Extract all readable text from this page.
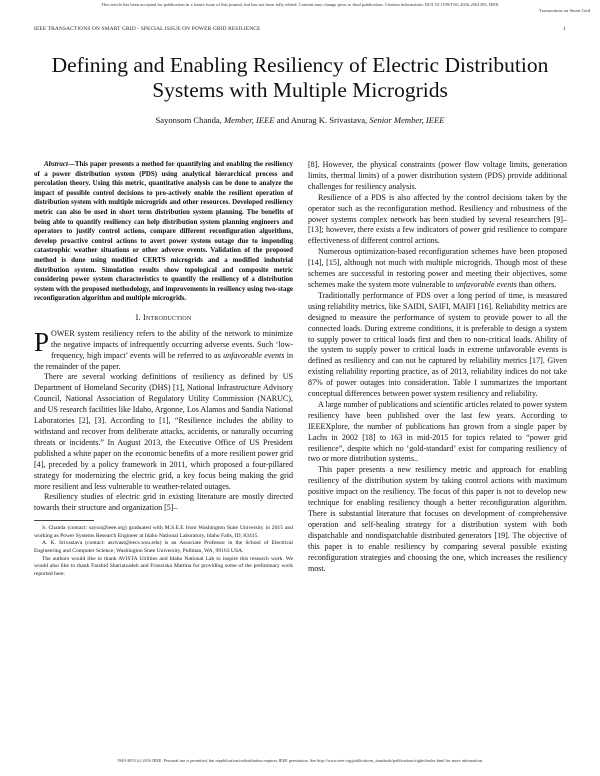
This article has been accepted for publication in a future issue of this journal, but has not been fully edited. Content may change prior to final publication. Citation information: DOI 10.1109/TSG.2016.2561303, IEEE
Transactions on Smart Grid
IEEE TRANSACTIONS ON SMART GRID - SPECIAL ISSUE ON POWER GRID RESILIENCE	1
Defining and Enabling Resiliency of Electric Distribution Systems with Multiple Microgrids
Sayonsom Chanda, Member, IEEE and Anurag K. Srivastava, Senior Member, IEEE

Abstract—This paper presents a method for quantifying and enabling the resiliency of a power distribution system (PDS) using analytical hierarchical process and percolation theory. Using this metric, quantitative analysis can be done to analyze the impact of possible control decisions to pro-actively enable the resilient operation of distribution system with multiple microgrids and other resources. Developed resiliency metric can also be used in short term distribution system planning. The benefits of being able to quantify resiliency can help distribution system planning engineers and operators to justify control actions, compare different reconfiguration algorithms, develop proactive control actions to avert power system outage due to impending catastrophic weather situations or other adverse events. Validation of the proposed method is done using modified CERTS microgrids and a modified industrial distribution system. Simulation results show topological and composite metric considering power system characteristics to quantify the resiliency of a distribution system with the proposed methodology, and improvements in resiliency using two-stage reconfiguration algorithm and multiple microgrids.

I. Introduction

POWER system resiliency refers to the ability of the network to minimize the negative impacts of infrequently occurring adverse events. Such ‘low-frequency, high impact’ events will be referred to as unfavorable events in the remainder of the paper.

There are several working definitions of resiliency as defined by US Department of Homeland Security (DHS) [1], National Infrastructure Advisory Council, National Association of Regulatory Utility Commission (NARUC), and US research facilities like Idaho, Argonne, Los Alamos and Sandia National Laboratories [2], [3]. According to [1], “Resilience includes the ability to withstand and recover from deliberate attacks, accidents, or naturally occurring threats or incidents.” In August 2013, the Executive Office of US President published a white paper on the economic benefits of a more resilient power grid [4], preceded by a policy framework in 2011, which proposed a four-pillared strategy for modernizing the electric grid, a key focus being making the grid more resilient and less vulnerable to weather-related outages.

Resiliency studies of electric grid in existing literature are mostly directed towards their structure and organization [5]–

S. Chanda (contact: sayon@ieee.org) graduated with M.S.E.E from Washington State University in 2015 and working as Power Systems Research Engineer at Idaho National Laboratory, Idaho Falls, ID, 83415.

A. K. Srivastava (contact: asrivast@eecs.wsu.edu) is an Associate Professor in the School of Electrical Engineering and Computer Science, Washington State University, Pullman, WA, 99163 USA.

The authors would like to thank AVISTA Utilities and Idaho National Lab to inspire this research work. We would also like to thank Farshid Shariatzadeh and Franziska Mattina for providing some of the preliminary work reported here.

[8]. However, the physical constraints (power flow voltage limits, generation limits, thermal limits) of a power distribution system (PDS) provide additional challenges for resiliency analysis.

Resilience of a PDS is also affected by the control decisions taken by the operator such as the reconfiguration method. Resiliency and robustness of the power systems complex network has been studied by several researchers [9]–[13]; however, there exists a few indicators of power grid resilience to compare effectiveness of different control actions.

Numerous optimization-based reconfiguration schemes have been proposed [14], [15], although not much with multiple microgrids. Though most of these schemes are successful in restoring power and meeting their objectives, some schemes make the system more vulnerable to unfavorable events than others.

Traditionally performance of PDS over a long period of time, is measured using reliability metrics, like SAIDI, SAIFI, MAIFI [16]. Reliability metrics are designed to measure the performance of system to provide power to all the connected loads. During extreme conditions, it is preferable to design a system to supply power to critical loads first and then to non-critical loads. Ability of the system to supply power to critical loads in extreme unfavorable events is defined as resiliency and can not be captured by reliability metrics [17]. Given existing reliability reporting practice, as of 2013, reliability indices do not take 87% of power outages into consideration. Table I summarizes the important conceptual differences between power system resiliency and reliability.

A large number of publications and scientific articles related to power system resiliency have been published over the last few years. According to IEEEXplore, the number of publications has grown from a single paper by Lachs in 2002 [18] to 163 in mid-2015 for topics related to “power grid resilience”, despite which no ‘gold-standard’ exist for comparing resiliency of two or more distribution systems..

This paper presents a new resiliency metric and approach for enabling resiliency of the distribution system by taking control actions with maximum positive impact on the resiliency. The focus of this paper is not to develop new technique for enabling resiliency though a better reconfiguration algorithm. There is substantial literature that focuses on development of comprehensive operation and self-healing strategy for a distribution system with both dispatchable and nondispatchable distributed generators [19]. The objective of this paper is to enable resiliency by comparing several possible existing reconfiguration strategies and choosing the one, which increases the resiliency most.

1949-3053 (c) 2016 IEEE. Personal use is permitted, but republication/redistribution requires IEEE permission. See http://www.ieee.org/publications_standards/publications/rights/index.html for more information.
